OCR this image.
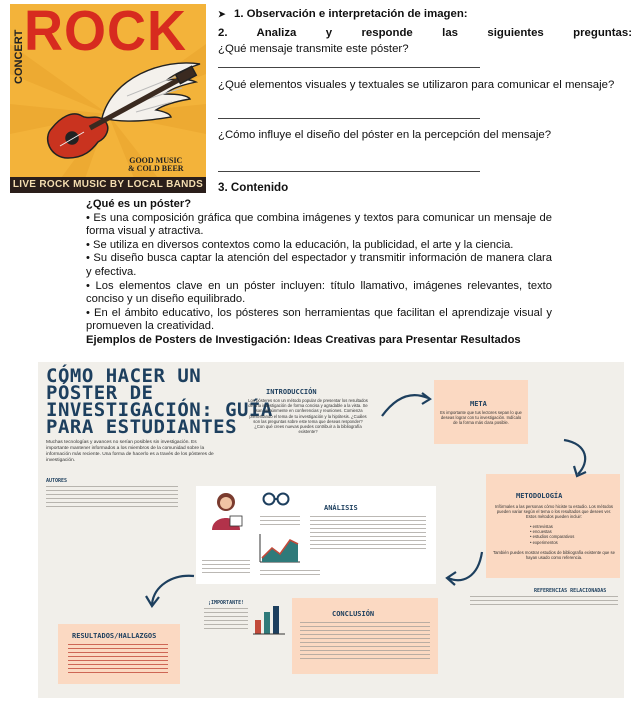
ROCK
CONCERT
GOOD MUSIC
& COLD BEER
LIVE ROCK MUSIC BY LOCAL BANDS
➤ 1. Observación e interpretación de imagen:
2. Analiza y responde las siguientes preguntas:
¿Qué mensaje transmite este póster?
¿Qué elementos visuales y textuales se utilizaron para comunicar el mensaje?
¿Cómo influye el diseño del póster en la percepción del mensaje?
3. Contenido

¿Qué es un póster?

• Es una composición gráfica que combina imágenes y textos para comunicar un mensaje de forma visual y atractiva.

• Se utiliza en diversos contextos como la educación, la publicidad, el arte y la ciencia.

• Su diseño busca captar la atención del espectador y transmitir información de manera clara y efectiva.

• Los elementos clave en un póster incluyen: título llamativo, imágenes relevantes, texto conciso y un diseño equilibrado.

• En el ámbito educativo, los pósteres son herramientas que facilitan el aprendizaje visual y promueven la creatividad.

Ejemplos de Posters de Investigación: Ideas Creativas para Presentar Resultados

CÓMO HACER UN
PÓSTER DE
INVESTIGACIÓN: GUÍA
PARA ESTUDIANTES
Muchas tecnologías y avances no serían posibles sin investigación. Es importante mantener informados a los miembros de la comunidad sobre la información más reciente. Una forma de hacerlo es a través de los pósteres de investigación.
AUTORES
INTRODUCCIÓN
Los pósteres son un método popular de presentar los resultados de una investigación de forma concisa y agradable a la vista. Se usan comúnmente en conferencias y reuniones. Comienza presentando el tema de tu investigación y la hipótesis. ¿Cuáles son las preguntas sobre este tema que deseas responder? ¿Con qué crees nuevas puedes contribuir a la bibliografía existente?
META
Es importante que tus lectores sepan lo que deseas lograr con tu investigación. Indícalo de la forma más clara posible.
METODOLOGÍA
Infórmales a las personas cómo hiciste tu estudio. Los métodos pueden variar según el tema o los resultados que desees ver. Estos métodos pueden incluir:
• entrevistas
• encuestas
• estudios comparativos
• experimentos
También puedes mostrar estudios de bibliografía existente que se hayan usado como referencia.
ANÁLISIS
¡IMPORTANTE!
CONCLUSIÓN
RESULTADOS/HALLAZGOS
REFERENCIAS RELACIONADAS
